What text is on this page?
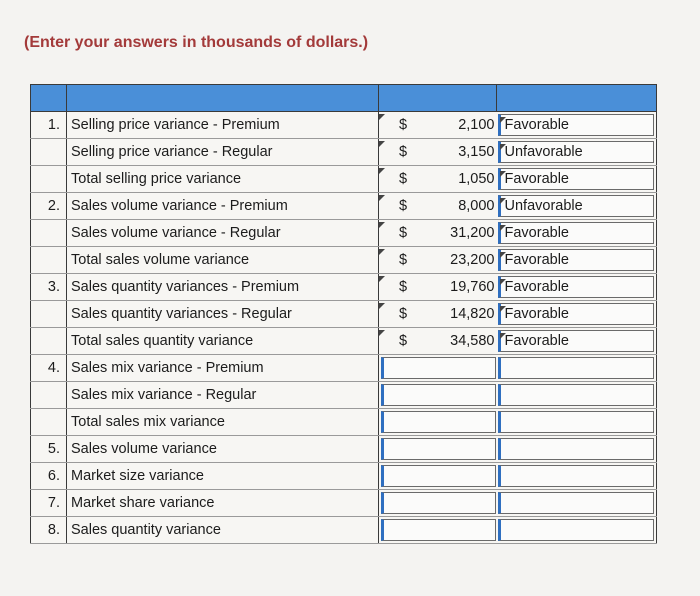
(Enter your answers in thousands of dollars.)

1.	Selling price variance - Premium	$ 2,100	Favorable

	Selling price variance - Regular	$ 3,150	Unfavorable

	Total selling price variance	$ 1,050	Favorable

2.	Sales volume variance - Premium	$ 8,000	Unfavorable

	Sales volume variance - Regular	$ 31,200	Favorable

	Total sales volume variance	$ 23,200	Favorable

3.	Sales quantity variances - Premium	$ 19,760	Favorable

	Sales quantity variances - Regular	$ 14,820	Favorable

	Total sales quantity variance	$ 34,580	Favorable

4.	Sales mix variance - Premium	

	Sales mix variance - Regular	

	Total sales mix variance	

5.	Sales volume variance	

6.	Market size variance	

7.	Market share variance	

8.	Sales quantity variance	
